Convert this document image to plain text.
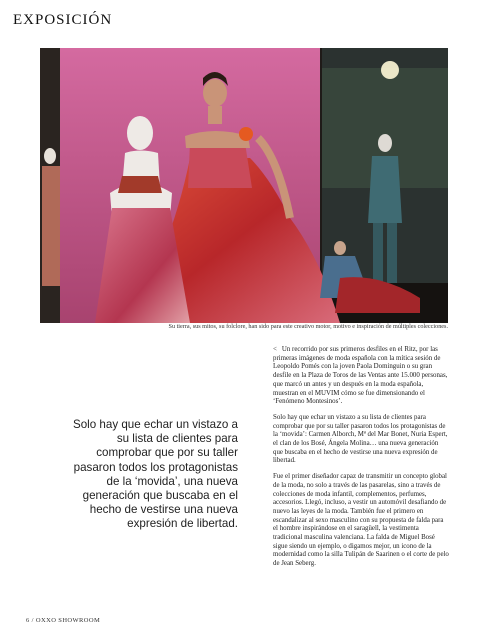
EXPOSICIÓN
Su tierra, sus mitos, su folclore, han sido para este creativo motor, motivo e inspiración de múltiples colecciones.
Solo hay que echar un vistazo a su lista de clientes para comprobar que por su taller pasaron todos los protagonistas de la ‘movida’, una nueva generación que buscaba en el hecho de vestirse una nueva expresión de libertad.

< Un recorrido por sus primeros desfiles en el Ritz, por las primeras imágenes de moda española con la mítica sesión de Leopoldo Pomés con la joven Paola Dominguin o su gran desfile en la Plaza de Toros de las Ventas ante 15.000 personas, que marcó un antes y un después en la moda española, muestran en el MUVIM cómo se fue dimensionando el ‘Fenómeno Montesinos’.

Solo hay que echar un vistazo a su lista de clientes para comprobar que por su taller pasaron todos los protagonistas de la ‘movida’: Carmen Alborch, Mª del Mar Bonet, Nuria Espert, el clan de los Bosé, Ángela Molina… una nueva generación que buscaba en el hecho de vestirse una nueva expresión de libertad.

Fue el primer diseñador capaz de transmitir un concepto global de la moda, no solo a través de las pasarelas, sino a través de colecciones de moda infantil, complementos, perfumes, accesorios. Llegó, incluso, a vestir un automóvil desafiando de nuevo las leyes de la moda. También fue el primero en escandalizar al sexo masculino con su propuesta de falda para el hombre inspirándose en el saragüell, la vestimenta tradicional masculina valenciana. La falda de Miguel Bosé sigue siendo un ejemplo, o digamos mejor, un icono de la modernidad como la silla Tulipán de Saarinen o el corte de pelo de Jean Seberg.

6 / OXXO SHOWROOM
